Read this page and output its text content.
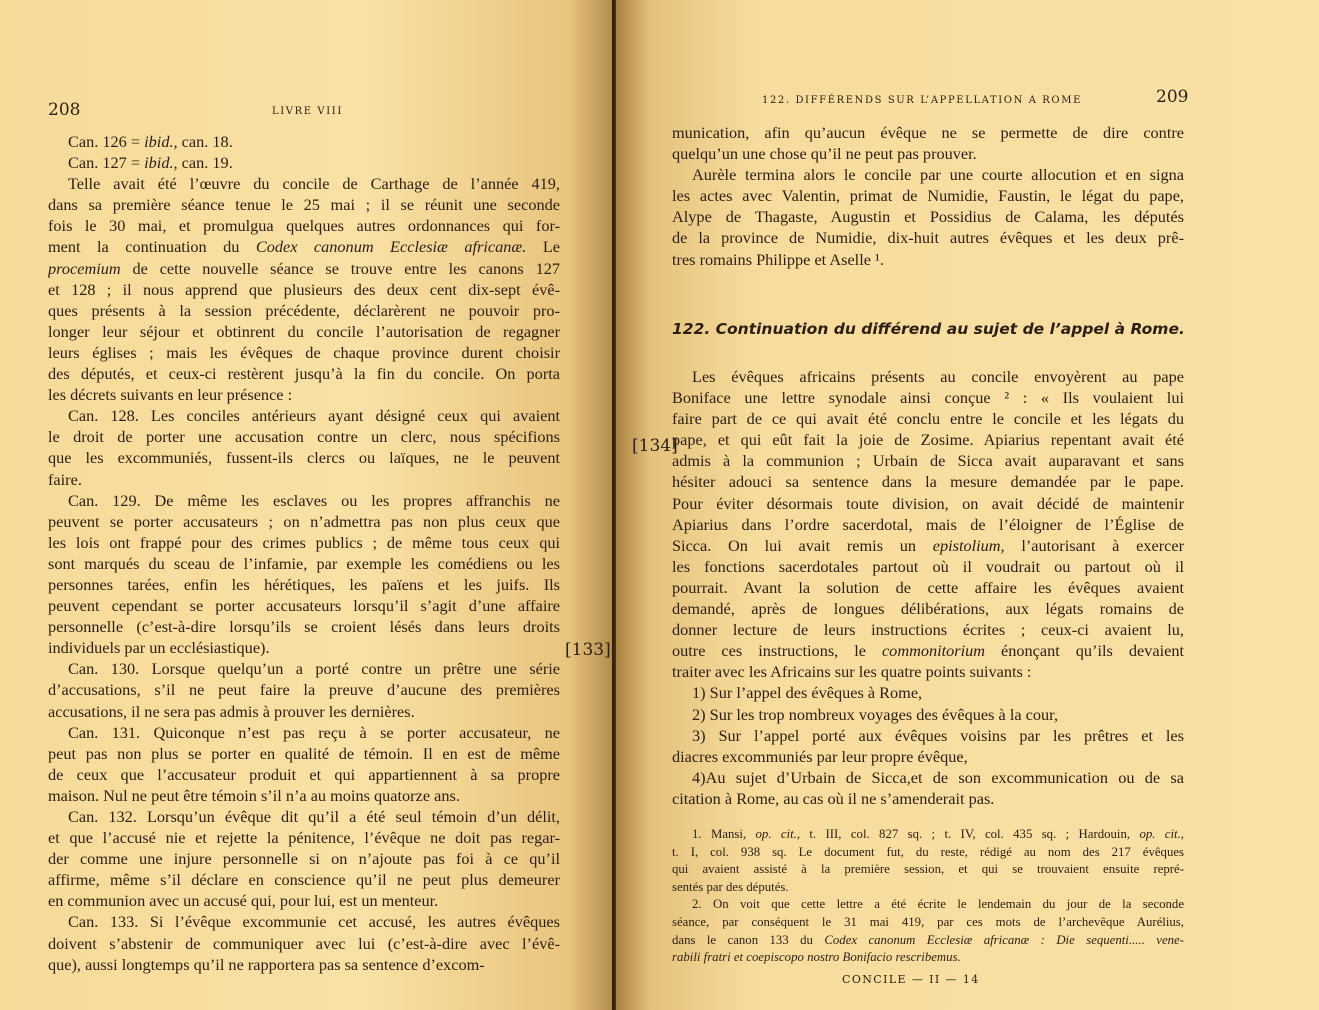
208	LIVRE VIII
[133]
Can. 126 = ibid., can. 18.
Can. 127 = ibid., can. 19.
Telle avait été l’œuvre du concile de Carthage de l’année 419,
dans sa première séance tenue le 25 mai ; il se réunit une seconde
fois le 30 mai, et promulgua quelques autres ordonnances qui for-
ment la continuation du Codex canonum Ecclesiæ africanæ. Le
procemium de cette nouvelle séance se trouve entre les canons 127
et 128 ; il nous apprend que plusieurs des deux cent dix-sept évê-
ques présents à la session précédente, déclarèrent ne pouvoir pro-
longer leur séjour et obtinrent du concile l’autorisation de regagner
leurs églises ; mais les évêques de chaque province durent choisir
des députés, et ceux-ci restèrent jusqu’à la fin du concile. On porta
les décrets suivants en leur présence :
Can. 128. Les conciles antérieurs ayant désigné ceux qui avaient
le droit de porter une accusation contre un clerc, nous spécifions
que les excommuniés, fussent-ils clercs ou laïques, ne le peuvent
faire.
Can. 129. De même les esclaves ou les propres affranchis ne
peuvent se porter accusateurs ; on n’admettra pas non plus ceux que
les lois ont frappé pour des crimes publics ; de même tous ceux qui
sont marqués du sceau de l’infamie, par exemple les comédiens ou les
personnes tarées, enfin les hérétiques, les païens et les juifs. Ils
peuvent cependant se porter accusateurs lorsqu’il s’agit d’une affaire
personnelle (c’est-à-dire lorsqu’ils se croient lésés dans leurs droits
individuels par un ecclésiastique).
Can. 130. Lorsque quelqu’un a porté contre un prêtre une série
d’accusations, s’il ne peut faire la preuve d’aucune des premières
accusations, il ne sera pas admis à prouver les dernières.
Can. 131. Quiconque n’est pas reçu à se porter accusateur, ne
peut pas non plus se porter en qualité de témoin. Il en est de même
de ceux que l’accusateur produit et qui appartiennent à sa propre
maison. Nul ne peut être témoin s’il n’a au moins quatorze ans.
Can. 132. Lorsqu’un évêque dit qu’il a été seul témoin d’un délit,
et que l’accusé nie et rejette la pénitence, l’évêque ne doit pas regar-
der comme une injure personnelle si on n’ajoute pas foi à ce qu’il
affirme, même s’il déclare en conscience qu’il ne peut plus demeurer
en communion avec un accusé qui, pour lui, est un menteur.
Can. 133. Si l’évêque excommunie cet accusé, les autres évêques
doivent s’abstenir de communiquer avec lui (c’est-à-dire avec l’évê-
que), aussi longtemps qu’il ne rapportera pas sa sentence d’excom-
122. DIFFÉRENDS SUR L’APPELLATION A ROME	209
[134]
munication, afin qu’aucun évêque ne se permette de dire contre
quelqu’un une chose qu’il ne peut pas prouver.
Aurèle termina alors le concile par une courte allocution et en signa
les actes avec Valentin, primat de Numidie, Faustin, le légat du pape,
Alype de Thagaste, Augustin et Possidius de Calama, les députés
de la province de Numidie, dix-huit autres évêques et les deux prê-
tres romains Philippe et Aselle ¹.
122. Continuation du différend au sujet de l’appel à Rome.
Les évêques africains présents au concile envoyèrent au pape
Boniface une lettre synodale ainsi conçue ² : « Ils voulaient lui
faire part de ce qui avait été conclu entre le concile et les légats du
pape, et qui eût fait la joie de Zosime. Apiarius repentant avait été
admis à la communion ; Urbain de Sicca avait auparavant et sans
hésiter adouci sa sentence dans la mesure demandée par le pape.
Pour éviter désormais toute division, on avait décidé de maintenir
Apiarius dans l’ordre sacerdotal, mais de l’éloigner de l’Église de
Sicca. On lui avait remis un epistolium, l’autorisant à exercer
les fonctions sacerdotales partout où il voudrait ou partout où il
pourrait. Avant la solution de cette affaire les évêques avaient
demandé, après de longues délibérations, aux légats romains de
donner lecture de leurs instructions écrites ; ceux-ci avaient lu,
outre ces instructions, le commonitorium énonçant qu’ils devaient
traiter avec les Africains sur les quatre points suivants :
1) Sur l’appel des évêques à Rome,
2) Sur les trop nombreux voyages des évêques à la cour,
3) Sur l’appel porté aux évêques voisins par les prêtres et les
diacres excommuniés par leur propre évêque,
4)Au sujet d’Urbain de Sicca,et de son excommunication ou de sa
citation à Rome, au cas où il ne s’amenderait pas.
1. Mansi, op. cit., t. III, col. 827 sq. ; t. IV, col. 435 sq. ; Hardouin, op. cit.,
t. I, col. 938 sq. Le document fut, du reste, rédigé au nom des 217 évêques
qui avaient assisté à la première session, et qui se trouvaient ensuite repré-
sentés par des députés.
2. On voit que cette lettre a été écrite le lendemain du jour de la seconde
séance, par conséquent le 31 mai 419, par ces mots de l’archevêque Aurélius,
dans le canon 133 du Codex canonum Ecclesiæ africanæ : Die sequenti..... vene-
rabili fratri et coepiscopo nostro Bonifacio rescribemus.
CONCILE — II — 14
